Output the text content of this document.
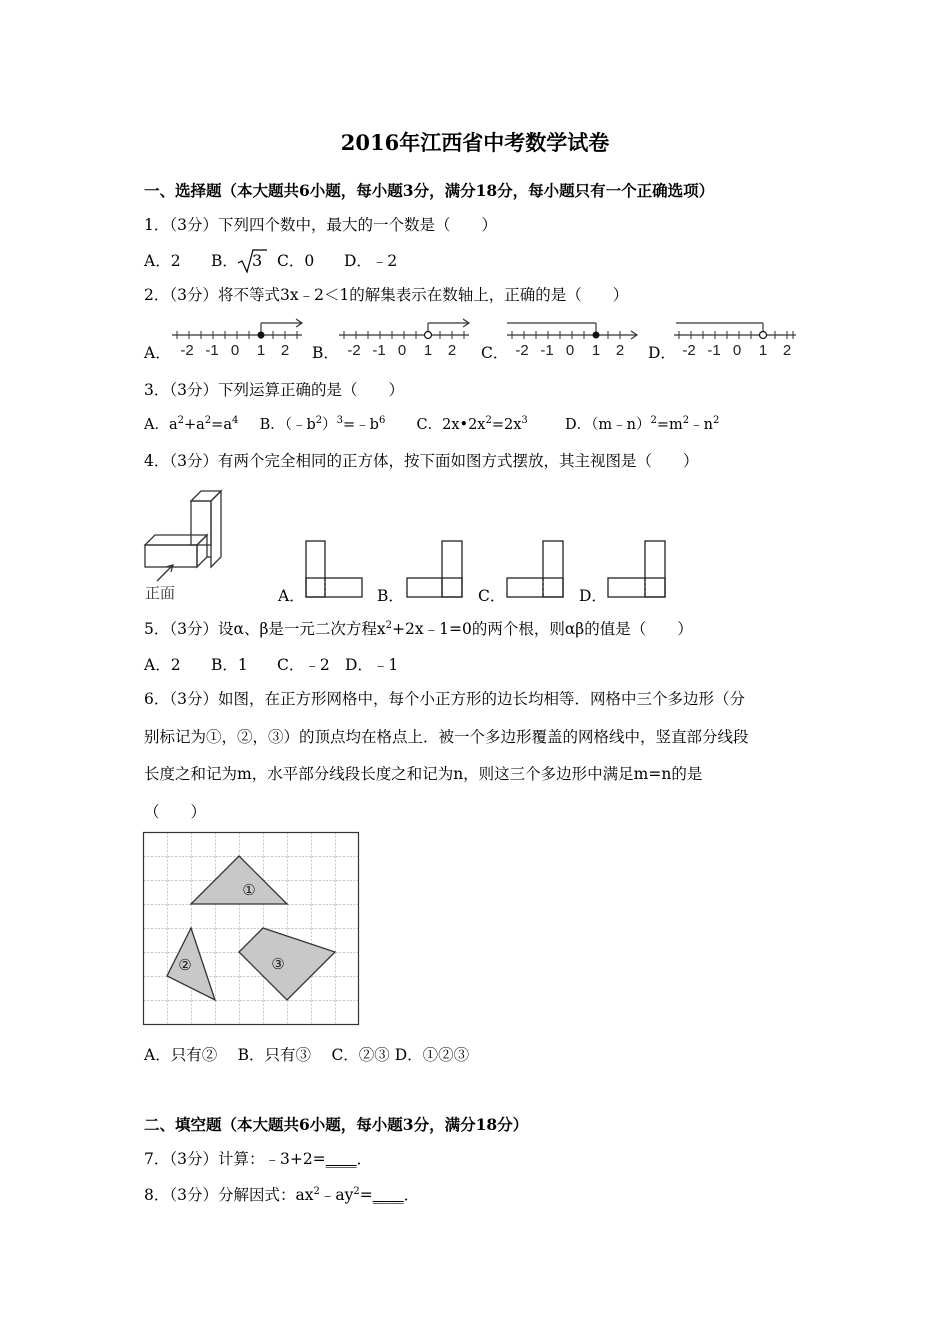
2016年江西省中考数学试卷
一、选择题（本大题共6小题，每小题3分，满分18分，每小题只有一个正确选项）
1．（3分）下列四个数中，最大的一个数是（　　）
A．2 B． 3 C．0 D．﹣2
2．（3分）将不等式3x﹣2＜1的解集表示在数轴上，正确的是（　　）
A．	B．	C．	D．
-2 -1 0 1 2	-2 -1 0 1 2	-2 -1 0 1 2	-2 -1 0 1 2
3．（3分）下列运算正确的是（　　）
A．$a^2+a^2=a^4$ B．$(﹣b^2)^3=﹣b^6$ C．$2x•2x^2=2x^3$	D．$(m﹣n)^2=m^2﹣n^2$
4．（3分）有两个完全相同的正方体，按下面如图方式摆放，其主视图是（　　）
正面	A．	B．	C．	D．
5．（3分）设α、β是一元二次方程$x^2+2x﹣1=0$的两个根，则αβ的值是（　　）
A．2 B．1 C．﹣2 D．﹣1
6．（3分）如图，在正方形网格中，每个小正方形的边长均相等．网格中三个多边形（分
别标记为①，②，③）的顶点均在格点上．被一个多边形覆盖的网格线中，竖直部分线段
长度之和记为m，水平部分线段长度之和记为n，则这三个多边形中满足m=n的是
（　　）
①
②	③
A．只有②　 B．只有③　 C．②③ D．①②③
二、填空题（本大题共6小题，每小题3分，满分18分）
7．（3分）计算：﹣3+2=____．
8．（3分）分解因式：$ax^2﹣ay^2=\_\_\_\_$．
